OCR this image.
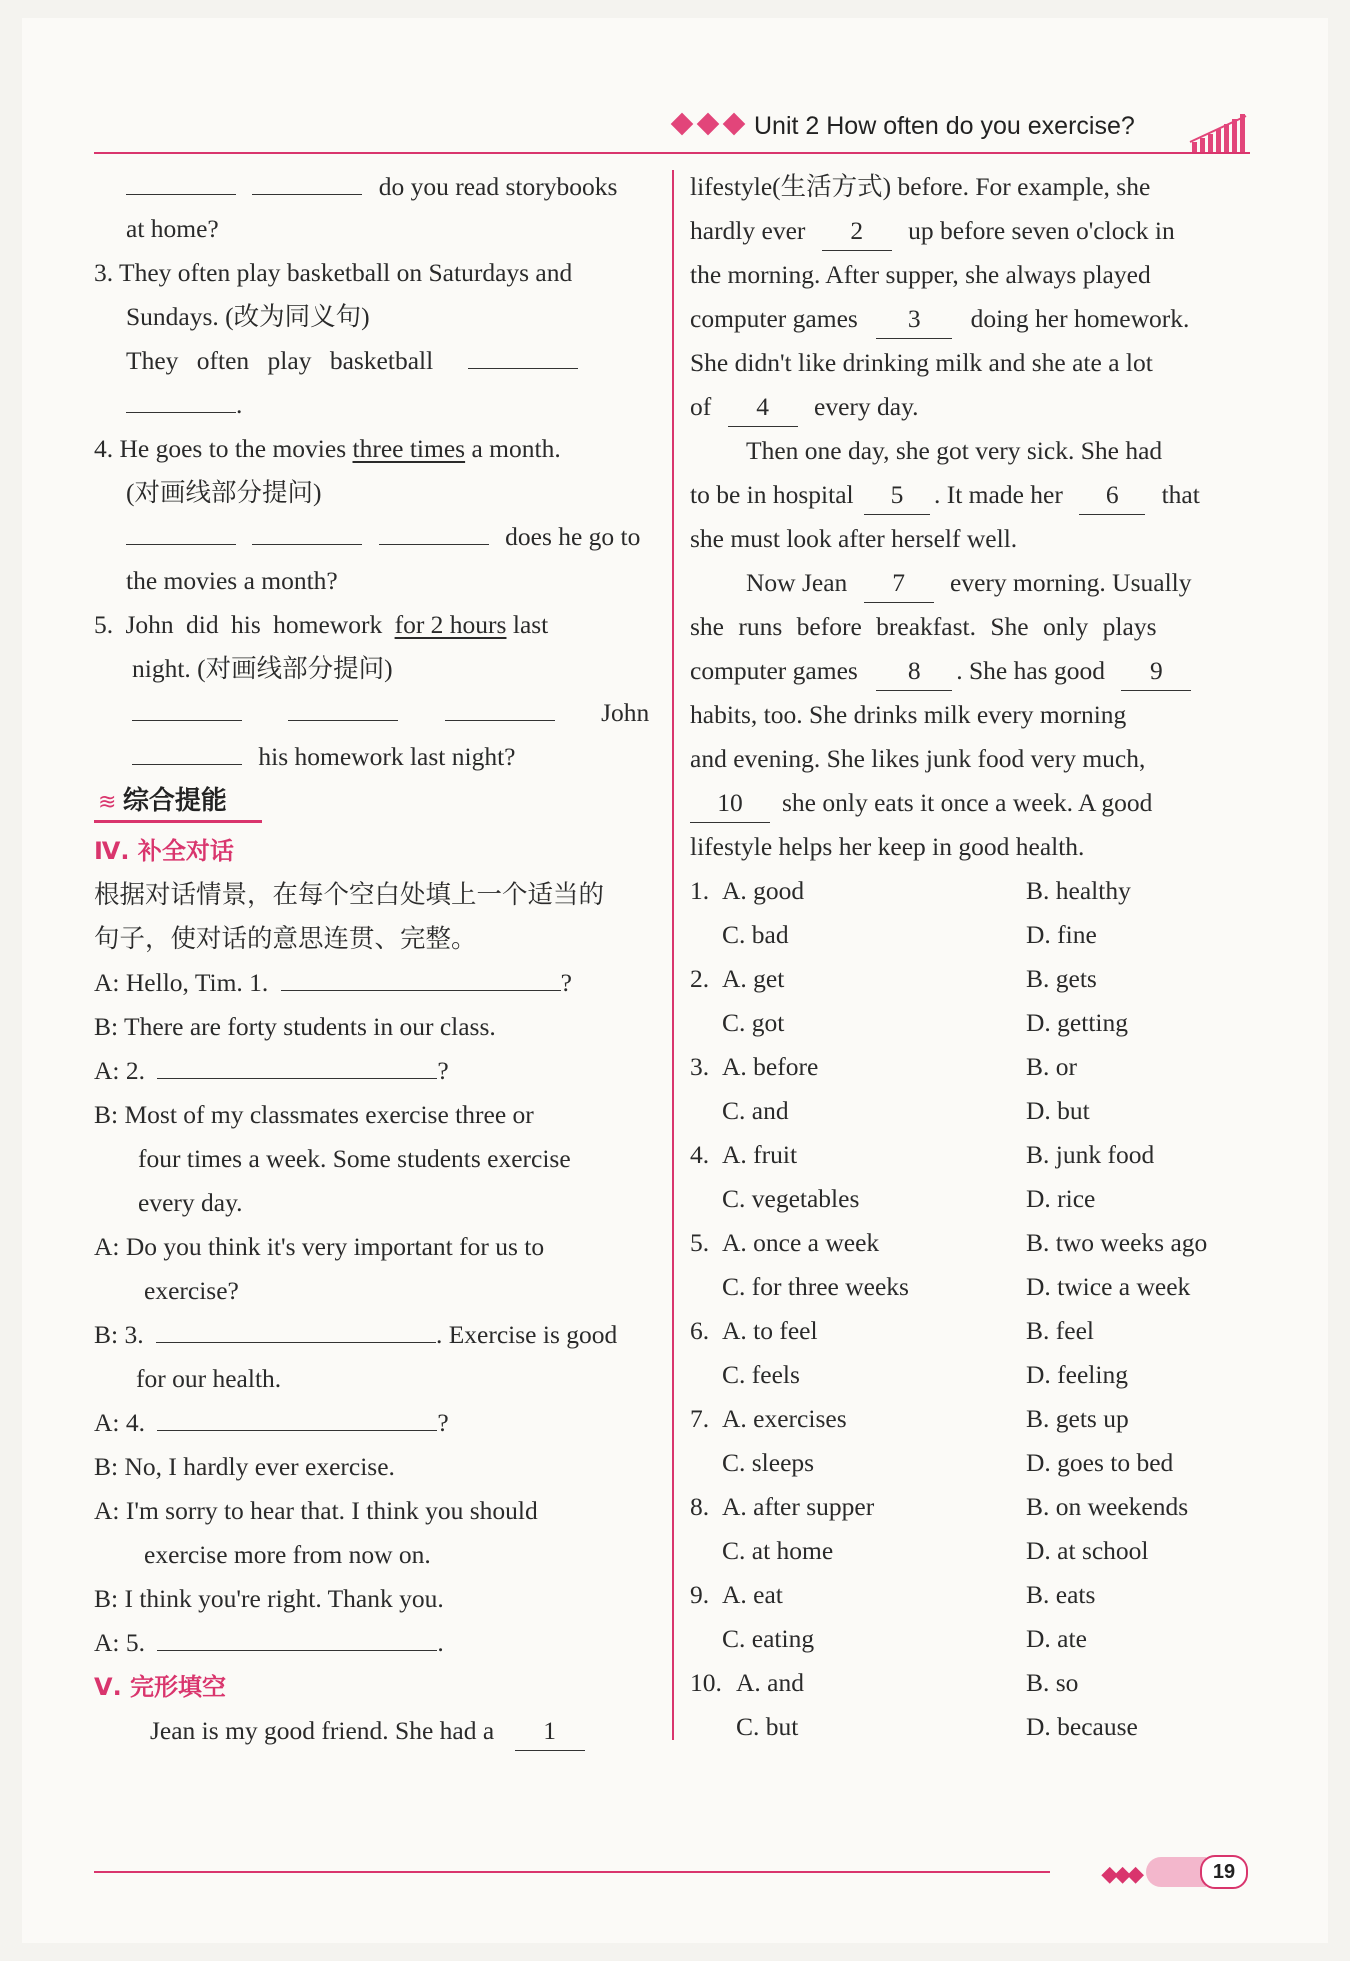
Unit 2 How often do you exercise?
do you read storybooks
at home?
3. They often play basketball on Saturdays and
Sundays. (改为同义句)
They often play basketball
.
4. He goes to the movies three times a month.
(对画线部分提问)
does he go to
the movies a month?
5. John did his homework for 2 hours last
night. (对画线部分提问)
John
his homework last night?
≋ 综合提能
Ⅳ. 补全对话
根据对话情景，在每个空白处填上一个适当的
句子，使对话的意思连贯、完整。
A: Hello, Tim. 1.	?
B: There are forty students in our class.
A: 2.	?
B: Most of my classmates exercise three or
four times a week. Some students exercise
every day.
A: Do you think it's very important for us to
exercise?
B: 3.	. Exercise is good
for our health.
A: 4.	?
B: No, I hardly ever exercise.
A: I'm sorry to hear that. I think you should
exercise more from now on.
B: I think you're right. Thank you.
A: 5.	.
Ⅴ. 完形填空
Jean is my good friend. She had a 1
lifestyle(生活方式) before. For example, she
hardly ever 2 up before seven o'clock in
the morning. After supper, she always played
computer games 3 doing her homework.
She didn't like drinking milk and she ate a lot
of 4 every day.
Then one day, she got very sick. She had
to be in hospital 5 . It made her 6 that
she must look after herself well.
Now Jean 7 every morning. Usually
she runs before breakfast. She only plays
computer games 8 . She has good 9
habits, too. She drinks milk every morning
and evening. She likes junk food very much,
10 she only eats it once a week. A good
lifestyle helps her keep in good health.
1. A. good	B. healthy
C. bad	D. fine
2. A. get	B. gets
C. got	D. getting
3. A. before	B. or
C. and	D. but
4. A. fruit	B. junk food
C. vegetables	D. rice
5. A. once a week	B. two weeks ago
C. for three weeks	D. twice a week
6. A. to feel	B. feel
C. feels	D. feeling
7. A. exercises	B. gets up
C. sleeps	D. goes to bed
8. A. after supper	B. on weekends
C. at home	D. at school
9. A. eat	B. eats
C. eating	D. ate
10. A. and	B. so
C. but	D. because
◆◆◆	19
